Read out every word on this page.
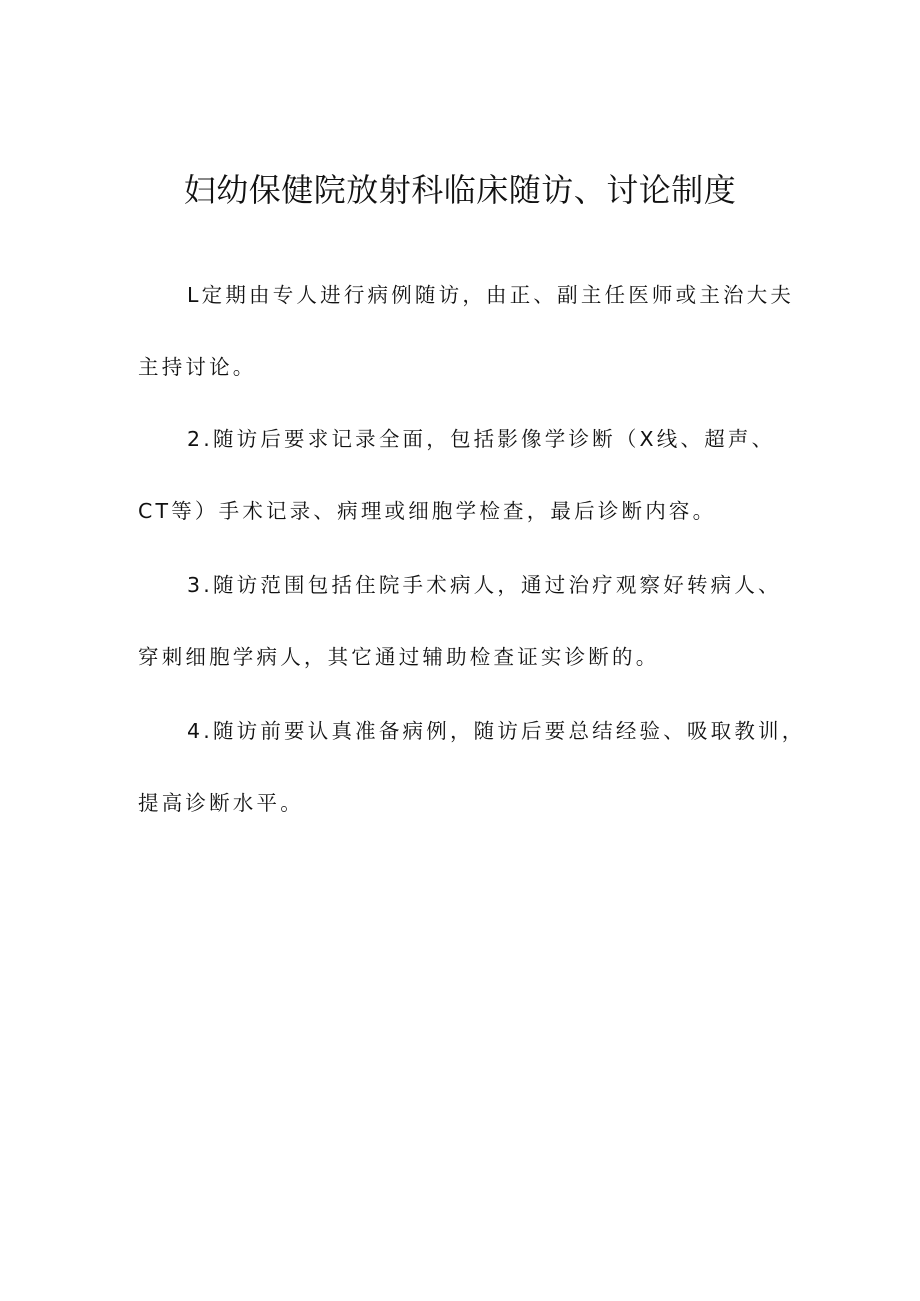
妇幼保健院放射科临床随访、讨论制度

L定期由专人进行病例随访，由正、副主任医师或主治大夫

主持讨论。

2.随访后要求记录全面，包括影像学诊断（X线、超声、

CT等）手术记录、病理或细胞学检查，最后诊断内容。

3.随访范围包括住院手术病人，通过治疗观察好转病人、

穿刺细胞学病人，其它通过辅助检查证实诊断的。

4.随访前要认真准备病例，随访后要总结经验、吸取教训，

提高诊断水平。
